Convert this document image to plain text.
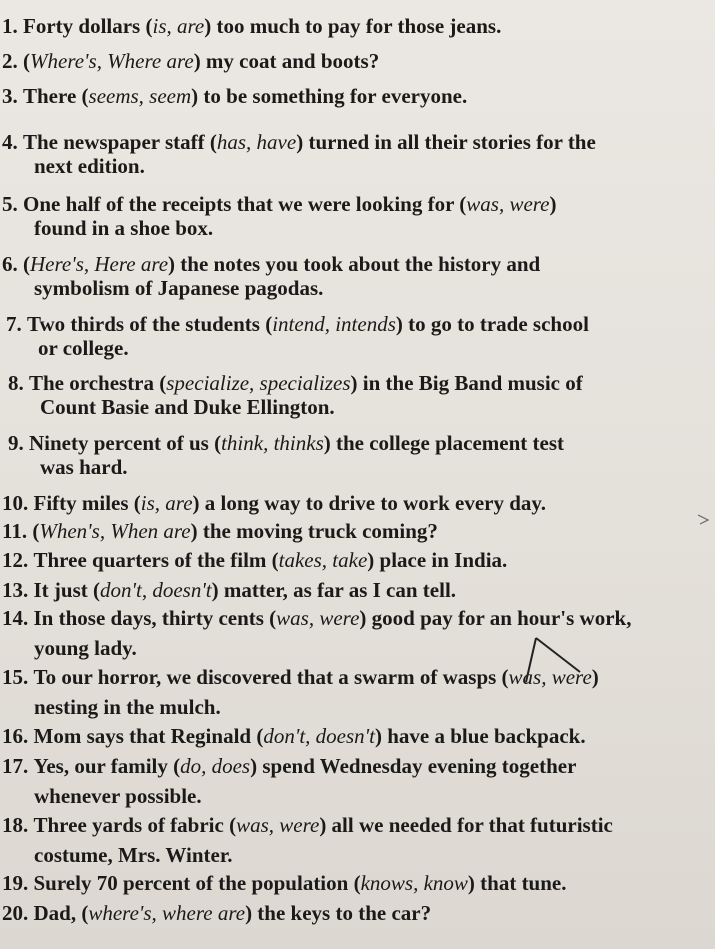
1. Forty dollars (is, are) too much to pay for those jeans.
2. (Where's, Where are) my coat and boots?
3. There (seems, seem) to be something for everyone.
4. The newspaper staff (has, have) turned in all their stories for the
next edition.
5. One half of the receipts that we were looking for (was, were)
found in a shoe box.
6. (Here's, Here are) the notes you took about the history and
symbolism of Japanese pagodas.
7. Two thirds of the students (intend, intends) to go to trade school
or college.
8. The orchestra (specialize, specializes) in the Big Band music of
Count Basie and Duke Ellington.
9. Ninety percent of us (think, thinks) the college placement test
was hard.
10. Fifty miles (is, are) a long way to drive to work every day.
11. (When's, When are) the moving truck coming?
12. Three quarters of the film (takes, take) place in India.
13. It just (don't, doesn't) matter, as far as I can tell.
14. In those days, thirty cents (was, were) good pay for an hour's work,
young lady.
15. To our horror, we discovered that a swarm of wasps (was, were)
nesting in the mulch.
16. Mom says that Reginald (don't, doesn't) have a blue backpack.
17. Yes, our family (do, does) spend Wednesday evening together
whenever possible.
18. Three yards of fabric (was, were) all we needed for that futuristic
costume, Mrs. Winter.
19. Surely 70 percent of the population (knows, know) that tune.
20. Dad, (where's, where are) the keys to the car?
